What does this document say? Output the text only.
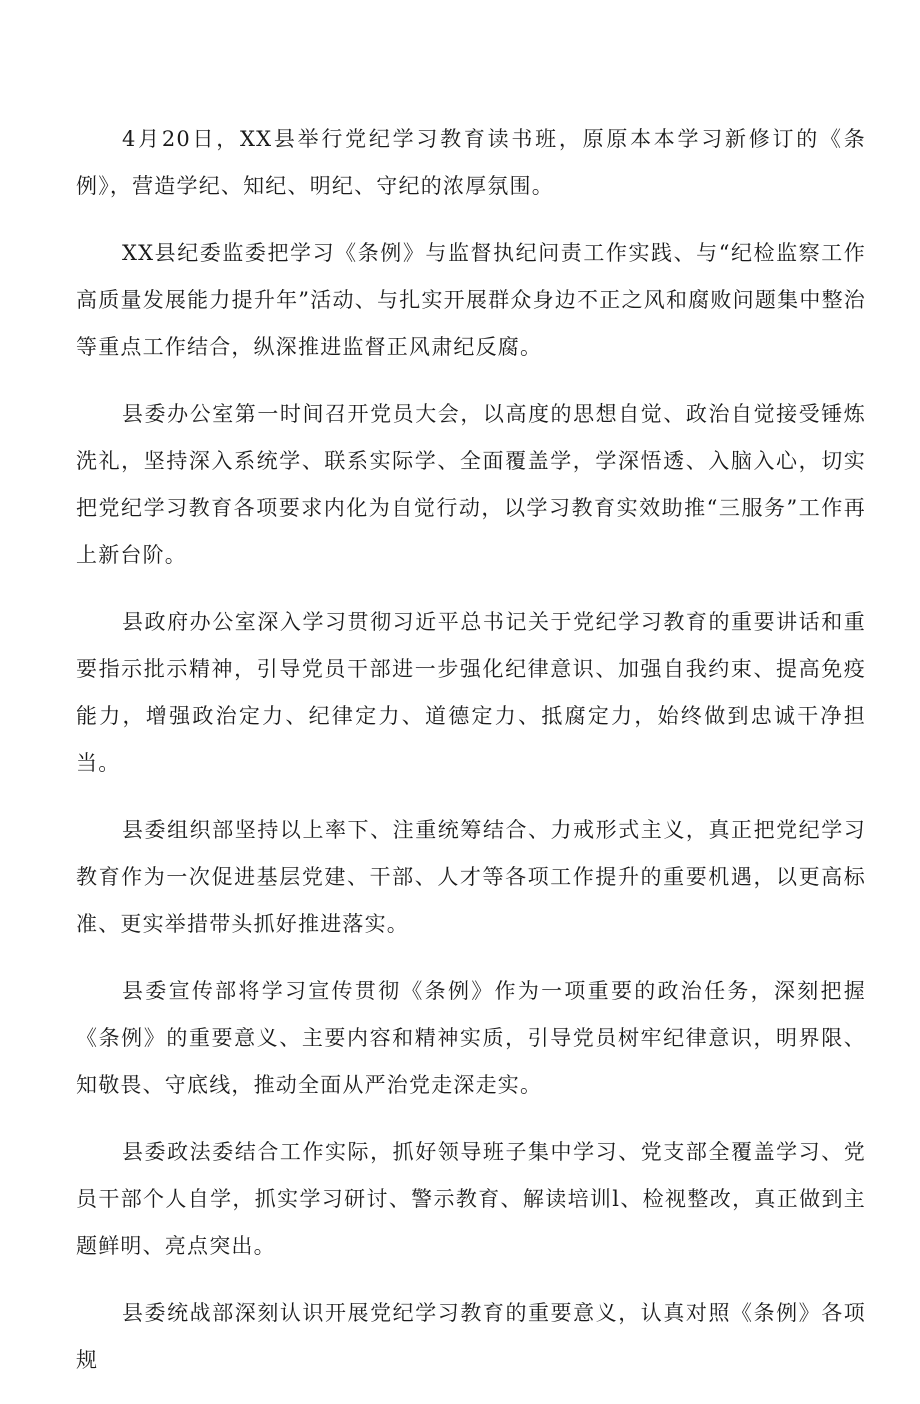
4月20日，XX县举行党纪学习教育读书班，原原本本学习新修订的《条例》，营造学纪、知纪、明纪、守纪的浓厚氛围。

XX县纪委监委把学习《条例》与监督执纪问责工作实践、与“纪检监察工作高质量发展能力提升年”活动、与扎实开展群众身边不正之风和腐败问题集中整治等重点工作结合，纵深推进监督正风肃纪反腐。

县委办公室第一时间召开党员大会，以高度的思想自觉、政治自觉接受锤炼洗礼，坚持深入系统学、联系实际学、全面覆盖学，学深悟透、入脑入心，切实把党纪学习教育各项要求内化为自觉行动，以学习教育实效助推“三服务”工作再上新台阶。

县政府办公室深入学习贯彻习近平总书记关于党纪学习教育的重要讲话和重要指示批示精神，引导党员干部进一步强化纪律意识、加强自我约束、提高免疫能力，增强政治定力、纪律定力、道德定力、抵腐定力，始终做到忠诚干净担当。

县委组织部坚持以上率下、注重统筹结合、力戒形式主义，真正把党纪学习教育作为一次促进基层党建、干部、人才等各项工作提升的重要机遇，以更高标准、更实举措带头抓好推进落实。

县委宣传部将学习宣传贯彻《条例》作为一项重要的政治任务，深刻把握《条例》的重要意义、主要内容和精神实质，引导党员树牢纪律意识，明界限、知敬畏、守底线，推动全面从严治党走深走实。

县委政法委结合工作实际，抓好领导班子集中学习、党支部全覆盖学习、党员干部个人自学，抓实学习研讨、警示教育、解读培训l、检视整改，真正做到主题鲜明、亮点突出。

县委统战部深刻认识开展党纪学习教育的重要意义，认真对照《条例》各项规
